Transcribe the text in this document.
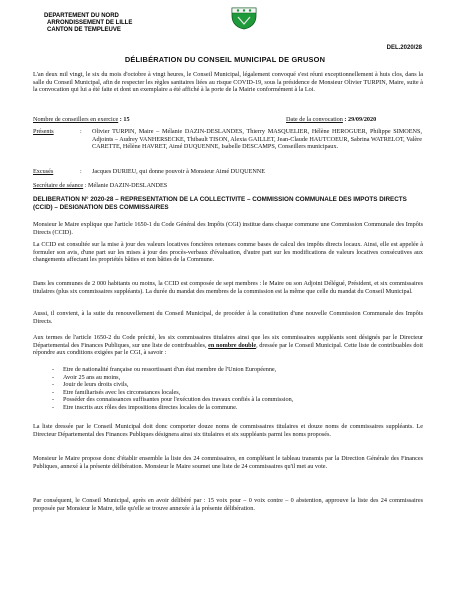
DEPARTEMENT DU NORD
ARRONDISSEMENT DE LILLE
CANTON DE TEMPLEUVE
DEL.2020/28
DÉLIBÉRATION DU CONSEIL MUNICIPAL DE GRUSON
L'an deux mil vingt, le six du mois d'octobre à vingt heures, le Conseil Municipal, légalement convoqué s'est réuni exceptionnellement à huis clos, dans la salle du Conseil Municipal, afin de respecter les règles sanitaires liées au risque COVID-19, sous la présidence de Monsieur Olivier TURPIN, Maire, suite à la convocation qui lui a été faite et dont un exemplaire a été affiché à la porte de la Mairie conformément à la Loi.
Nombre de conseillers en exercice : 15	Date de la convocation : 29/09/2020
Présents	: Olivier TURPIN, Maire – Mélanie DAZIN-DESLANDES, Thierry MASQUELIER, Hélène HEROGUER, Philippe SIMOENS, Adjoints – Audrey VANHERSECKE, Thibault TISON, Alexia GAILLET, Jean-Claude HAUTCOEUR, Sabrina WATRELOT, Valère CARETTE, Hélène HAVRET, Aimé DUQUENNE, Isabelle DESCAMPS, Conseillers municipaux.
Excusés	: Jacques DURIEU, qui donne pouvoir à Monsieur Aimé DUQUENNE
Secrétaire de séance : Mélanie DAZIN-DESLANDES
DELIBERATION N° 2020-28 – REPRESENTATION DE LA COLLECTIVITE – COMMISSION COMMUNALE DES IMPOTS DIRECTS (CCID) – DESIGNATION DES COMMISSAIRES
Monsieur le Maire explique que l'article 1650-1 du Code Général des Impôts (CGI) institue dans chaque commune une Commission Communale des Impôts Directs (CCID).
La CCID est consultée sur la mise à jour des valeurs locatives foncières retenues comme bases de calcul des impôts directs locaux. Ainsi, elle est appelée à formuler son avis, d'une part sur les mises à jour des procès-verbaux d'évaluation, d'autre part sur les modifications de valeurs locatives consécutives aux changements affectant les propriétés bâties et non bâties de la Commune.
Dans les communes de 2 000 habitants ou moins, la CCID est composée de sept membres : le Maire ou son Adjoint Délégué, Président, et six commissaires titulaires (plus six commissaires suppléants). La durée du mandat des membres de la commission est la même que celle du mandat du Conseil Municipal.
Aussi, il convient, à la suite du renouvellement du Conseil Municipal, de procéder à la constitution d'une nouvelle Commission Communale des Impôts Directs.
Aux termes de l'article 1650-2 du Code précité, les six commissaires titulaires ainsi que les six commissaires suppléants sont désignés par le Directeur Départemental des Finances Publiques, sur une liste de contribuables, en nombre double, dressée par le Conseil Municipal. Cette liste de contribuables doit répondre aux conditions exigées par le CGI, à savoir :
- Etre de nationalité française ou ressortissant d'un état membre de l'Union Européenne,
- Avoir 25 ans au moins,
- Jouir de leurs droits civils,
- Etre familiarisés avec les circonstances locales,
- Posséder des connaissances suffisantes pour l'exécution des travaux confiés à la commission,
- Etre inscrits aux rôles des impositions directes locales de la commune.
La liste dressée par le Conseil Municipal doit donc comporter douze noms de commissaires titulaires et douze noms de commissaires suppléants. Le Directeur Départemental des Finances Publiques désignera ainsi six titulaires et six suppléants parmi les noms proposés.
Monsieur le Maire propose donc d'établir ensemble la liste des 24 commissaires, en complétant le tableau transmis par la Direction Générale des Finances Publiques, annexé à la présente délibération. Monsieur le Maire soumet une liste de 24 commissaires qu'il met au vote.
Par conséquent, le Conseil Municipal, après en avoir délibéré par : 15 voix pour – 0 voix contre – 0 abstention, approuve la liste des 24 commissaires proposée par Monsieur le Maire, telle qu'elle se trouve annexée à la présente délibération.
